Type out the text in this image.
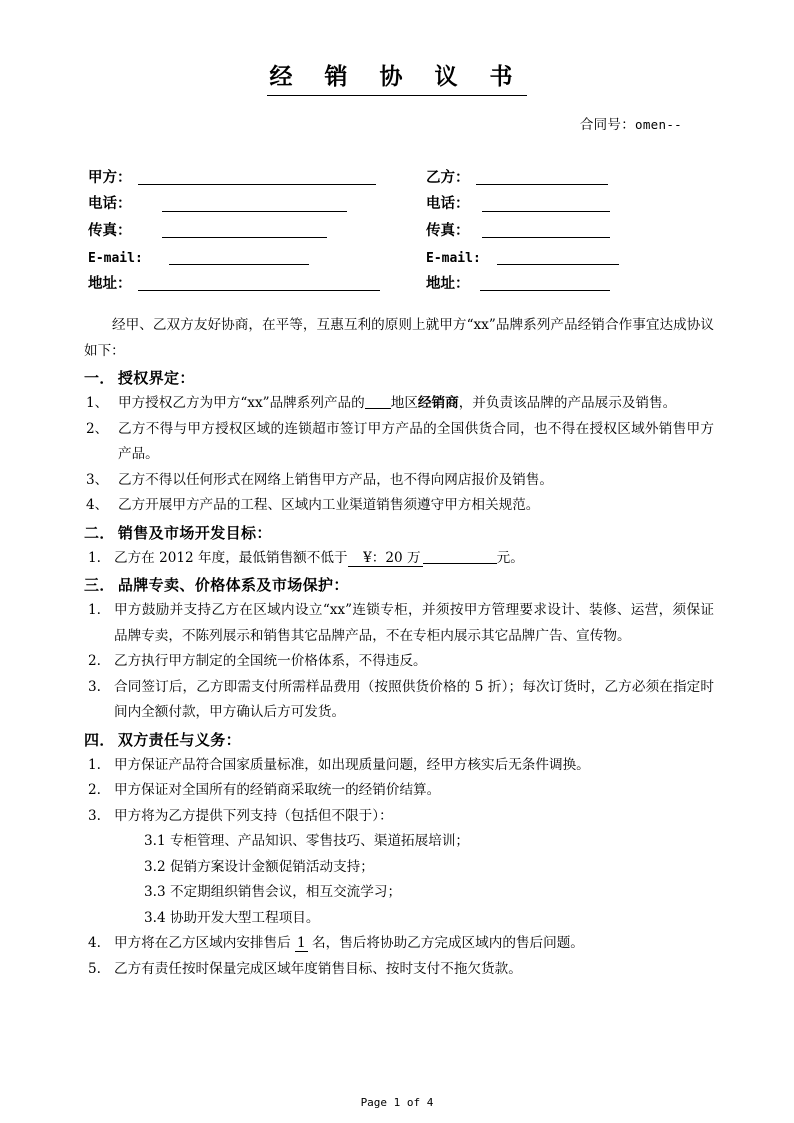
经 销 协 议 书
合同号：omen--
甲方：
电话：
传真：
E-mail:
地址：
乙方：
电话：
传真：
E-mail:
地址：

经甲、乙双方友好协商，在平等，互惠互利的原则上就甲方“xx”品牌系列产品经销合作事宜达成协议如下：

一． 授权界定：
1、 甲方授权乙方为甲方“xx”品牌系列产品的 地区经销商，并负责该品牌的产品展示及销售。
2、 乙方不得与甲方授权区域的连锁超市签订甲方产品的全国供货合同，也不得在授权区域外销售甲方产品。
3、 乙方不得以任何形式在网络上销售甲方产品，也不得向网店报价及销售。
4、 乙方开展甲方产品的工程、区域内工业渠道销售须遵守甲方相关规范。
二． 销售及市场开发目标：
1. 乙方在 2012 年度，最低销售额不低于　¥：20 万	元。
三． 品牌专卖、价格体系及市场保护：
1. 甲方鼓励并支持乙方在区域内设立“xx”连锁专柜，并须按甲方管理要求设计、装修、运营，须保证品牌专卖，不陈列展示和销售其它品牌产品，不在专柜内展示其它品牌广告、宣传物。
2. 乙方执行甲方制定的全国统一价格体系，不得违反。
3. 合同签订后，乙方即需支付所需样品费用（按照供货价格的 5 折）；每次订货时，乙方必须在指定时间内全额付款，甲方确认后方可发货。
四． 双方责任与义务：
1. 甲方保证产品符合国家质量标准，如出现质量问题，经甲方核实后无条件调换。
2. 甲方保证对全国所有的经销商采取统一的经销价结算。
3. 甲方将为乙方提供下列支持（包括但不限于）：
3.1 专柜管理、产品知识、零售技巧、渠道拓展培训；
3.2 促销方案设计金额促销活动支持；
3.3 不定期组织销售会议，相互交流学习；
3.4 协助开发大型工程项目。
4. 甲方将在乙方区域内安排售后 1 名，售后将协助乙方完成区域内的售后问题。
5. 乙方有责任按时保量完成区域年度销售目标、按时支付不拖欠货款。
Page 1 of 4
